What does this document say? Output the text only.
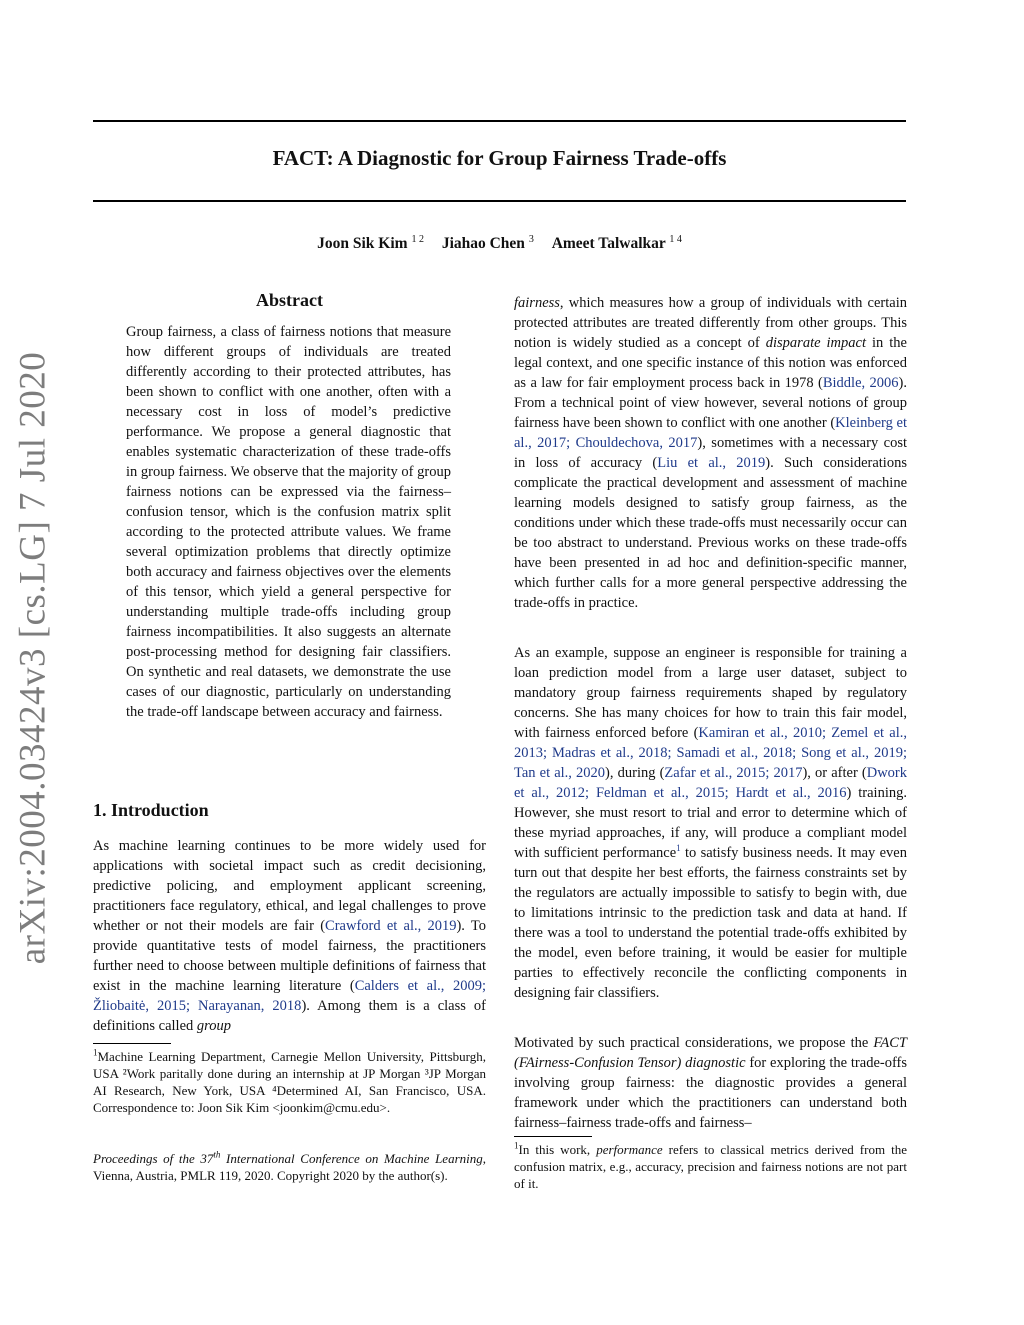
arXiv:2004.03424v3 [cs.LG] 7 Jul 2020
FACT: A Diagnostic for Group Fairness Trade-offs
Joon Sik Kim $^{1 2}$ Jiahao Chen $^3$ Ameet Talwalkar $^{1 4}$
Abstract

Group fairness, a class of fairness notions that measure how different groups of individuals are treated differently according to their protected attributes, has been shown to conflict with one another, often with a necessary cost in loss of model’s predictive performance. We propose a general diagnostic that enables systematic characterization of these trade-offs in group fairness. We observe that the majority of group fairness notions can be expressed via the fairness–confusion tensor, which is the confusion matrix split according to the protected attribute values. We frame several optimization problems that directly optimize both accuracy and fairness objectives over the elements of this tensor, which yield a general perspective for understanding multiple trade-offs including group fairness incompatibilities. It also suggests an alternate post-processing method for designing fair classifiers. On synthetic and real datasets, we demonstrate the use cases of our diagnostic, particularly on understanding the trade-off landscape between accuracy and fairness.

1. Introduction

As machine learning continues to be more widely used for applications with societal impact such as credit decisioning, predictive policing, and employment applicant screening, practitioners face regulatory, ethical, and legal challenges to prove whether or not their models are fair (Crawford et al., 2019). To provide quantitative tests of model fairness, the practitioners further need to choose between multiple definitions of fairness that exist in the machine learning literature (Calders et al., 2009; Žliobaitė, 2015; Narayanan, 2018). Among them is a class of definitions called group

$^1$Machine Learning Department, Carnegie Mellon University, Pittsburgh, USA ²Work paritally done during an internship at JP Morgan ³JP Morgan AI Research, New York, USA ⁴Determined AI, San Francisco, USA. Correspondence to: Joon Sik Kim <joonkim@cmu.edu>.

Proceedings of the 37th International Conference on Machine Learning, Vienna, Austria, PMLR 119, 2020. Copyright 2020 by the author(s).

fairness, which measures how a group of individuals with certain protected attributes are treated differently from other groups. This notion is widely studied as a concept of disparate impact in the legal context, and one specific instance of this notion was enforced as a law for fair employment process back in 1978 (Biddle, 2006). From a technical point of view however, several notions of group fairness have been shown to conflict with one another (Kleinberg et al., 2017; Chouldechova, 2017), sometimes with a necessary cost in loss of accuracy (Liu et al., 2019). Such considerations complicate the practical development and assessment of machine learning models designed to satisfy group fairness, as the conditions under which these trade-offs must necessarily occur can be too abstract to understand. Previous works on these trade-offs have been presented in ad hoc and definition-specific manner, which further calls for a more general perspective addressing the trade-offs in practice.

As an example, suppose an engineer is responsible for training a loan prediction model from a large user dataset, subject to mandatory group fairness requirements shaped by regulatory concerns. She has many choices for how to train this fair model, with fairness enforced before (Kamiran et al., 2010; Zemel et al., 2013; Madras et al., 2018; Samadi et al., 2018; Song et al., 2019; Tan et al., 2020), during (Zafar et al., 2015; 2017), or after (Dwork et al., 2012; Feldman et al., 2015; Hardt et al., 2016) training. However, she must resort to trial and error to determine which of these myriad approaches, if any, will produce a compliant model with sufficient performance$^1$ to satisfy business needs. It may even turn out that despite her best efforts, the fairness constraints set by the regulators are actually impossible to satisfy to begin with, due to limitations intrinsic to the prediction task and data at hand. If there was a tool to understand the potential trade-offs exhibited by the model, even before training, it would be easier for multiple parties to effectively reconcile the conflicting components in designing fair classifiers.

Motivated by such practical considerations, we propose the FACT (FAirness-Confusion Tensor) diagnostic for exploring the trade-offs involving group fairness: the diagnostic provides a general framework under which the practitioners can understand both fairness–fairness trade-offs and fairness–

$^1$In this work, performance refers to classical metrics derived from the confusion matrix, e.g., accuracy, precision and fairness notions are not part of it.
